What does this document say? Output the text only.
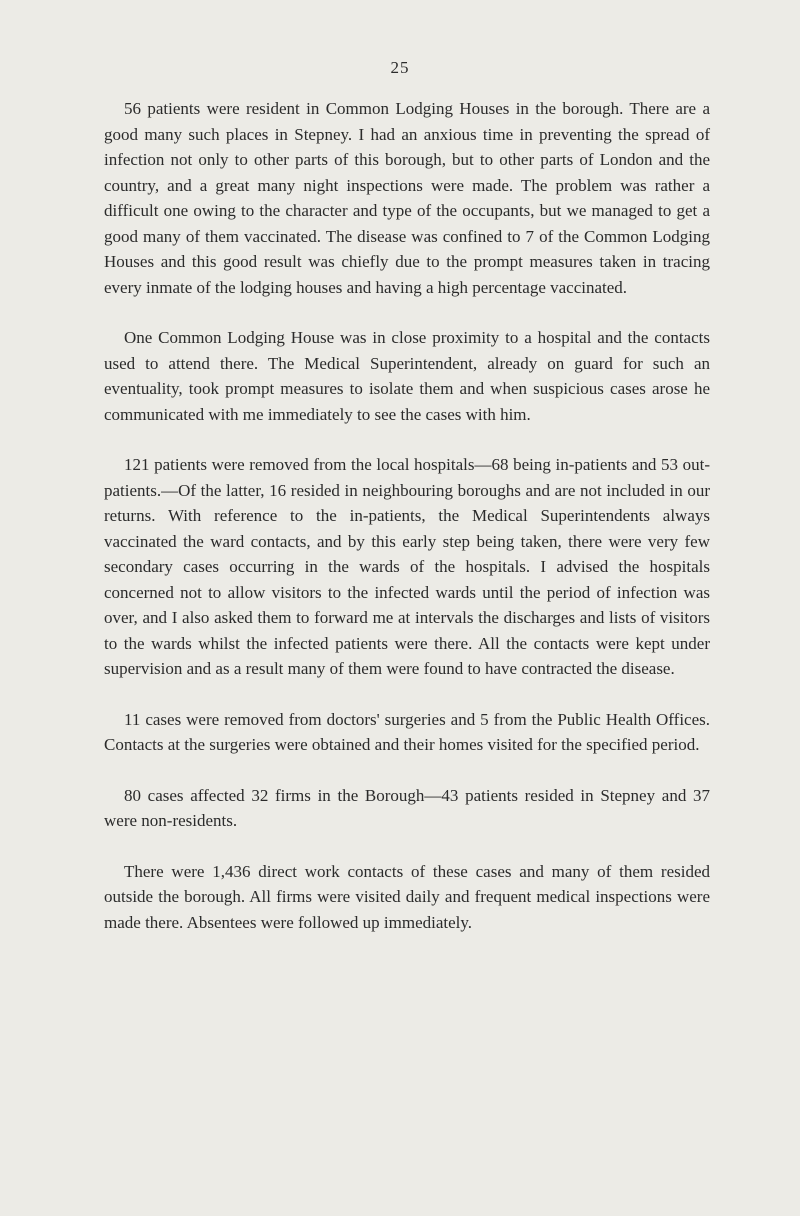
25

56 patients were resident in Common Lodging Houses in the borough. There are a good many such places in Stepney. I had an anxious time in preventing the spread of infection not only to other parts of this borough, but to other parts of London and the country, and a great many night inspections were made. The problem was rather a difficult one owing to the character and type of the occupants, but we managed to get a good many of them vaccinated. The disease was confined to 7 of the Common Lodging Houses and this good result was chiefly due to the prompt measures taken in tracing every inmate of the lodging houses and having a high percentage vaccinated.

One Common Lodging House was in close proximity to a hospital and the contacts used to attend there. The Medical Superintendent, already on guard for such an eventuality, took prompt measures to isolate them and when suspicious cases arose he communicated with me immediately to see the cases with him.

121 patients were removed from the local hospitals—68 being in-patients and 53 out-patients.—Of the latter, 16 resided in neighbouring boroughs and are not included in our returns. With reference to the in-patients, the Medical Superintendents always vaccinated the ward contacts, and by this early step being taken, there were very few secondary cases occurring in the wards of the hospitals. I advised the hospitals concerned not to allow visitors to the infected wards until the period of infection was over, and I also asked them to forward me at intervals the discharges and lists of visitors to the wards whilst the infected patients were there. All the contacts were kept under supervision and as a result many of them were found to have contracted the disease.

11 cases were removed from doctors' surgeries and 5 from the Public Health Offices. Contacts at the surgeries were obtained and their homes visited for the specified period.

80 cases affected 32 firms in the Borough—43 patients resided in Stepney and 37 were non-residents.

There were 1,436 direct work contacts of these cases and many of them resided outside the borough. All firms were visited daily and frequent medical inspections were made there. Absentees were followed up immediately.
